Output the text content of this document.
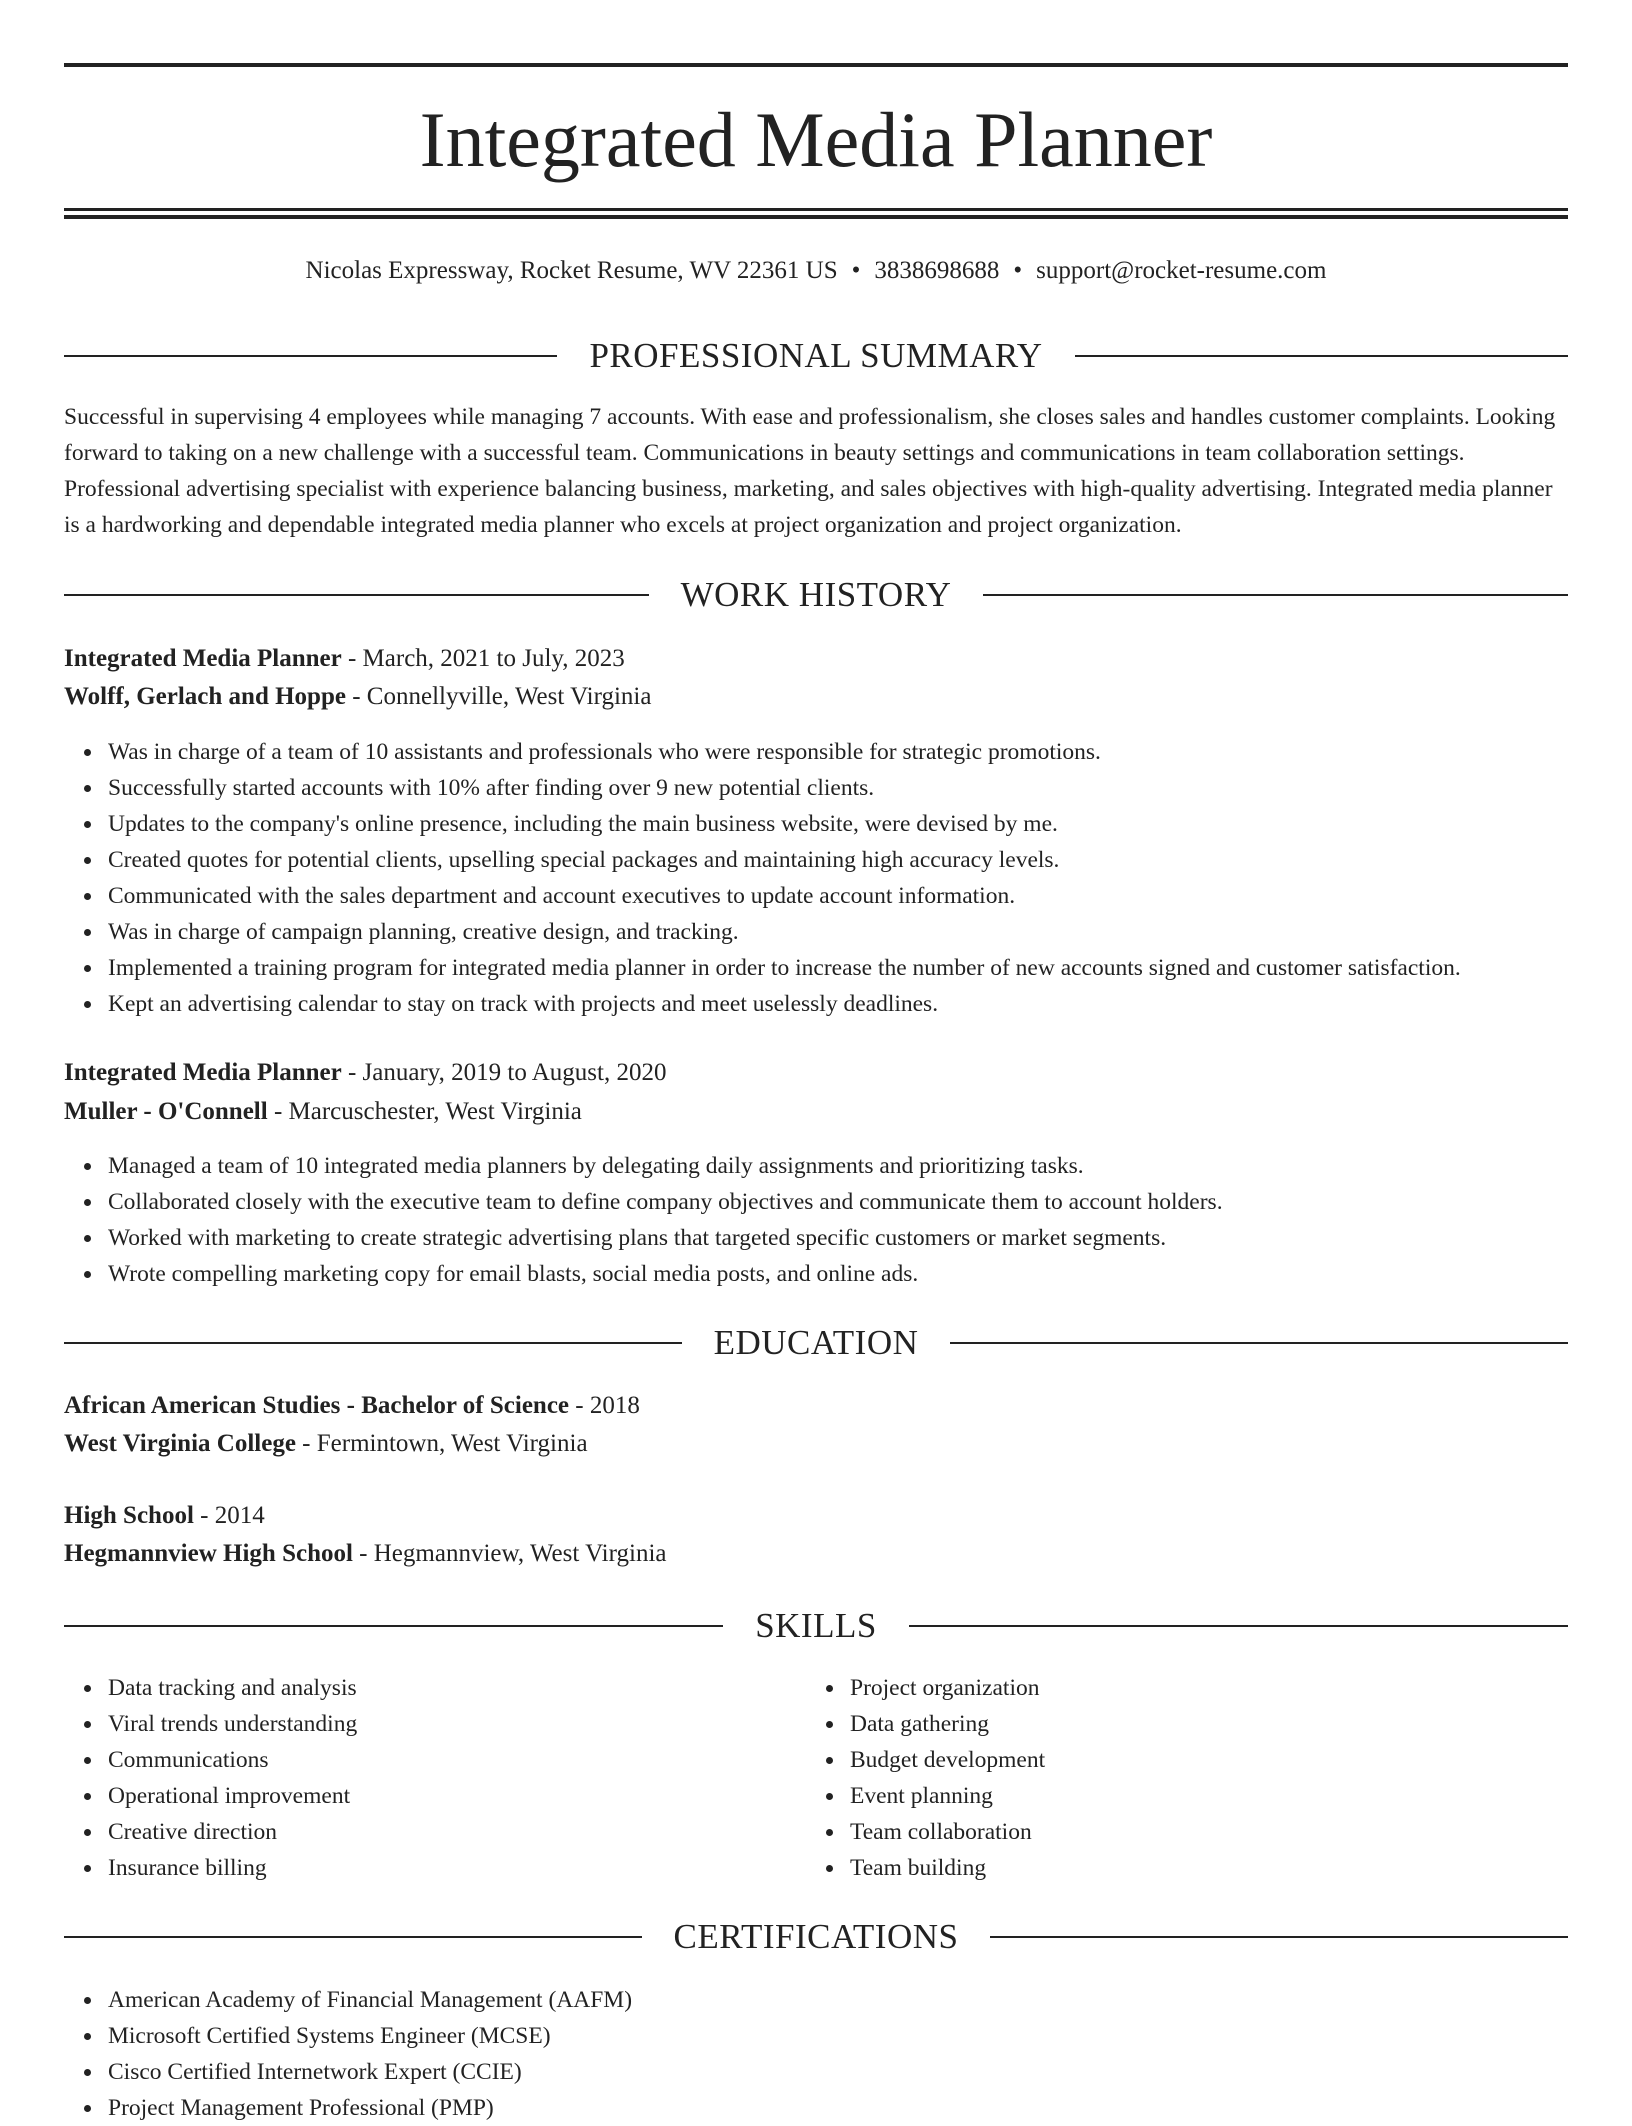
Integrated Media Planner
Nicolas Expressway, Rocket Resume, WV 22361 US • 3838698688 • support@rocket-resume.com
PROFESSIONAL SUMMARY

Successful in supervising 4 employees while managing 7 accounts. With ease and professionalism, she closes sales and handles customer complaints. Looking forward to taking on a new challenge with a successful team. Communications in beauty settings and communications in team collaboration settings. Professional advertising specialist with experience balancing business, marketing, and sales objectives with high-quality advertising. Integrated media planner is a hardworking and dependable integrated media planner who excels at project organization and project organization.

WORK HISTORY
Integrated Media Planner - March, 2021 to July, 2023
Wolff, Gerlach and Hoppe - Connellyville, West Virginia
Was in charge of a team of 10 assistants and professionals who were responsible for strategic promotions.
Successfully started accounts with 10% after finding over 9 new potential clients.
Updates to the company's online presence, including the main business website, were devised by me.
Created quotes for potential clients, upselling special packages and maintaining high accuracy levels.
Communicated with the sales department and account executives to update account information.
Was in charge of campaign planning, creative design, and tracking.
Implemented a training program for integrated media planner in order to increase the number of new accounts signed and customer satisfaction.
Kept an advertising calendar to stay on track with projects and meet uselessly deadlines.
Integrated Media Planner - January, 2019 to August, 2020
Muller - O'Connell - Marcuschester, West Virginia
Managed a team of 10 integrated media planners by delegating daily assignments and prioritizing tasks.
Collaborated closely with the executive team to define company objectives and communicate them to account holders.
Worked with marketing to create strategic advertising plans that targeted specific customers or market segments.
Wrote compelling marketing copy for email blasts, social media posts, and online ads.
EDUCATION
African American Studies - Bachelor of Science - 2018
West Virginia College - Fermintown, West Virginia
High School - 2014
Hegmannview High School - Hegmannview, West Virginia
SKILLS
Data tracking and analysis
Viral trends understanding
Communications
Operational improvement
Creative direction
Insurance billing
Project organization
Data gathering
Budget development
Event planning
Team collaboration
Team building
CERTIFICATIONS
American Academy of Financial Management (AAFM)
Microsoft Certified Systems Engineer (MCSE)
Cisco Certified Internetwork Expert (CCIE)
Project Management Professional (PMP)
